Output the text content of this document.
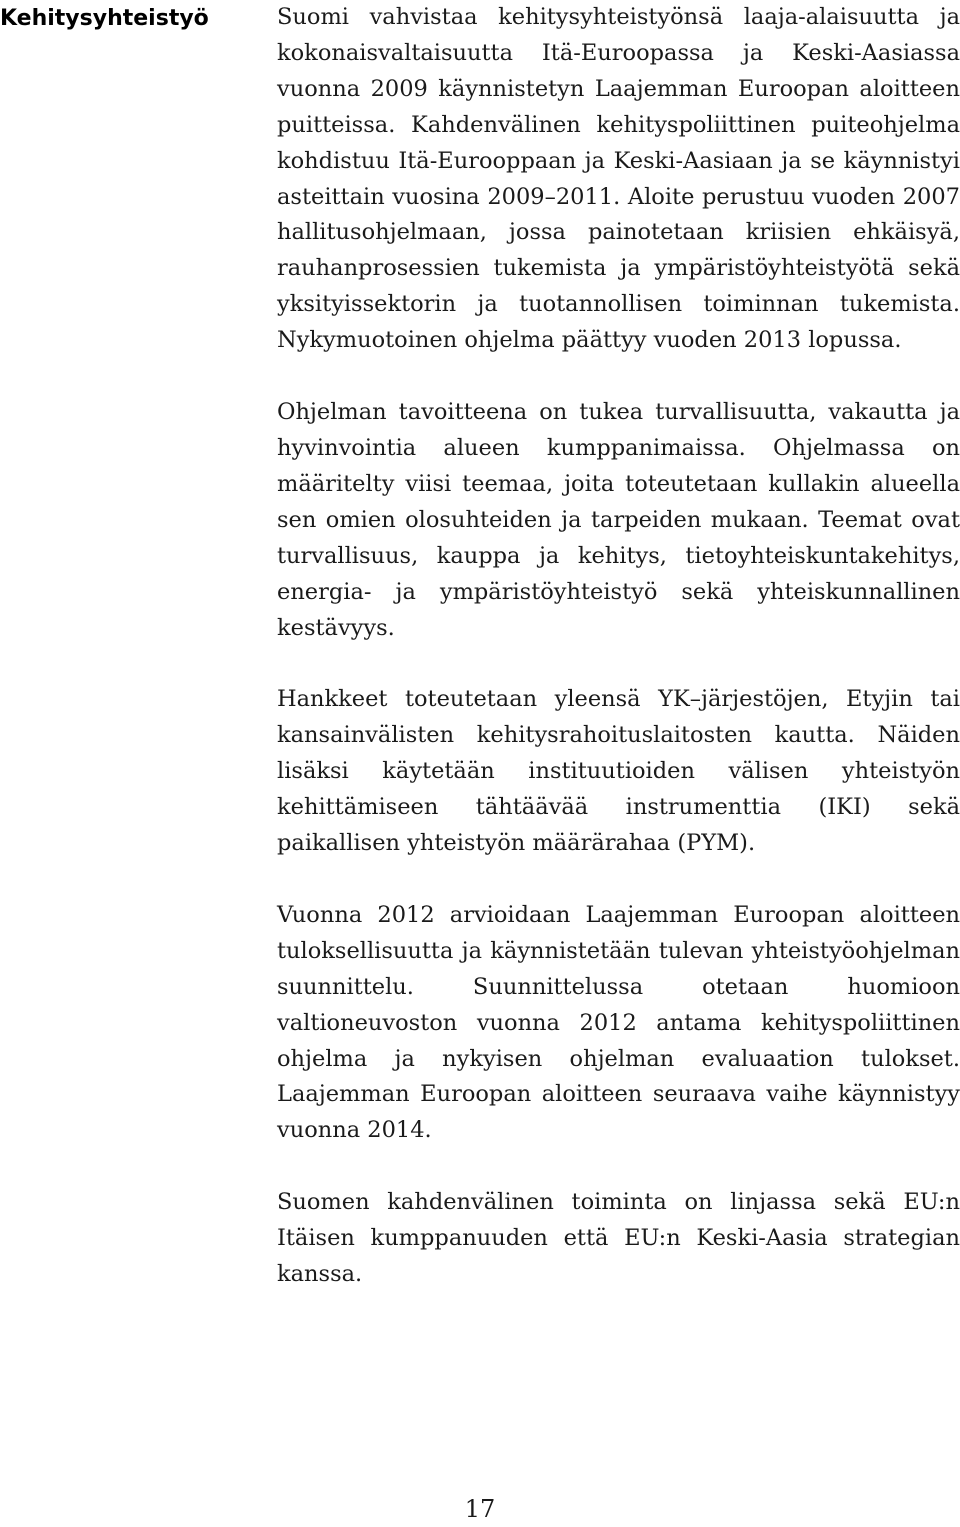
Kehitysyhteistyö	Suomi vahvistaa kehitysyhteistyönsä laaja-alaisuutta ja kokonaisvaltaisuutta Itä-Euroopassa ja Keski-Aasiassa vuonna 2009 käynnistetyn Laajemman Euroopan aloitteen puitteissa. Kahdenvälinen kehityspoliittinen puiteohjelma kohdistuu Itä-Eurooppaan ja Keski-Aasiaan ja se käynnistyi asteittain vuosina 2009–2011. Aloite perustuu vuoden 2007 hallitusohjelmaan, jossa painotetaan kriisien ehkäisyä, rauhanprosessien tukemista ja ympäristöyhteistyötä sekä yksityissektorin ja tuotannollisen toiminnan tukemista. Nykymuotoinen ohjelma päättyy vuoden 2013 lopussa.

Ohjelman tavoitteena on tukea turvallisuutta, vakautta ja hyvinvointia alueen kumppanimaissa. Ohjelmassa on määritelty viisi teemaa, joita toteutetaan kullakin alueella sen omien olosuhteiden ja tarpeiden mukaan. Teemat ovat turvallisuus, kauppa ja kehitys, tietoyhteiskuntakehitys, energia- ja ympäristöyhteistyö sekä yhteiskunnallinen kestävyys.

Hankkeet toteutetaan yleensä YK–järjestöjen, Etyjin tai kansainvälisten kehitysrahoituslaitosten kautta. Näiden lisäksi käytetään instituutioiden välisen yhteistyön kehittämiseen tähtäävää instrumenttia (IKI) sekä paikallisen yhteistyön määrärahaa (PYM).

Vuonna 2012 arvioidaan Laajemman Euroopan aloitteen tuloksellisuutta ja käynnistetään tulevan yhteistyöohjelman suunnittelu. Suunnittelussa otetaan huomioon valtioneuvoston vuonna 2012 antama kehityspoliittinen ohjelma ja nykyisen ohjelman evaluaation tulokset. Laajemman Euroopan aloitteen seuraava vaihe käynnistyy vuonna 2014.

Suomen kahdenvälinen toiminta on linjassa sekä EU:n Itäisen kumppanuuden että EU:n Keski-Aasia strategian kanssa.

17
